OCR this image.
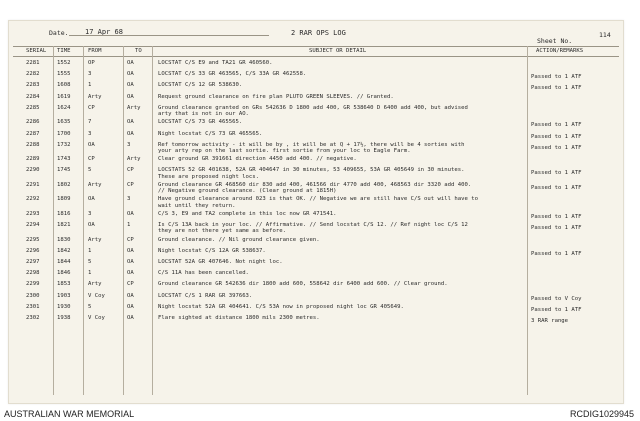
Date. 17 Apr 68	2 RAR OPS LOG
Sheet No.
114
SERIAL TIME	FROM	TO	SUBJECT OR DETAIL	ACTION/REMARKS
2281	1552	OP	OA	LOCSTAT C/S E9 and TA21 GR 460560.
2282	1555	3	OA	LOCSTAT C/S 33 GR 463565, C/S 33A GR 462558.	Passed to 1 ATF
2283	1608	1	OA	LOCSTAT C/S 12 GR 538630.	Passed to 1 ATF
2284	1619	Arty	OA	Request ground clearance on fire plan PLUTO GREEN SLEEVES. // Granted.
2285	1624	CP	Arty	Ground clearance granted on GRs 542636 D 1800 add 400, GR 538640 D 6400 add 400, but advised
arty that is not in our AO.
2286	1635	7	OA	LOCSTAT C/S 73 GR 465565.	Passed to 1 ATF
2287	1700	3	OA	Night locstat C/S 73 GR 465565.	Passed to 1 ATF
2288	1732	OA	3	Ref tomorrow activity - it will be by , it will be at Q + 17½, there will be 4 sorties with
your arty rep on the last sortie. first sortie from your loc to Eagle Farm.
Passed to 1 ATF
2289	1743	CP	Arty	Clear ground GR 391661 direction 4450 add 400. // negative.
2290	1745	5	CP	LOCSTATS 52 GR 401638, 52A GR 404647 in 30 minutes, 53 409655, 53A GR 405649 in 30 minutes.
These are proposed night locs.
Passed to 1 ATF
2291	1802	Arty	CP	Ground clearance GR 468560 dir 830 add 400, 461566 dir 4770 add 400, 468563 dir 3320 add 400.
// Negative ground clearance. (Clear ground at 1815H)
Passed to 1 ATF
2292	1809	OA	3	Have ground clearance around 023 is that OK. // Negative we are still have C/S out will have to
wait until they return.
2293	1816	3	OA	C/S 3, E9 and TA2 complete in this loc now GR 471541.	Passed to 1 ATF
2294	1821	OA	1	Is C/S 13A back in your loc. // Affirmative. // Send locstat C/S 12. // Ref night loc C/S 12
they are not there yet same as before.
Passed to 1 ATF
2295	1830	Arty	CP	Ground clearance. // Nil ground clearance given.
2296	1842	1	OA	Night locstat C/S 12A GR 538637.	Passed to 1 ATF
2297	1844	5	OA	LOCSTAT 52A GR 407646. Not night loc.
2298	1846	1	OA	C/S 11A has been cancelled.
2299	1853	Arty	CP	Ground clearance GR 542636 dir 1800 add 600, 558642 dir 6400 add 600. // Clear ground.
2300	1903	V Coy	OA	LOCSTAT C/S 1 RAR GR 397663.	Passed to V Coy
2301	1930	5	OA	Night locstat 52A GR 404641. C/S 53A now in proposed night loc GR 405649.	Passed to 1 ATF
2302	1938	V Coy	OA	Flare sighted at distance 1800 mils 2300 metres.	3 RAR range
AUSTRALIAN WAR MEMORIAL	RCDIG1029945
